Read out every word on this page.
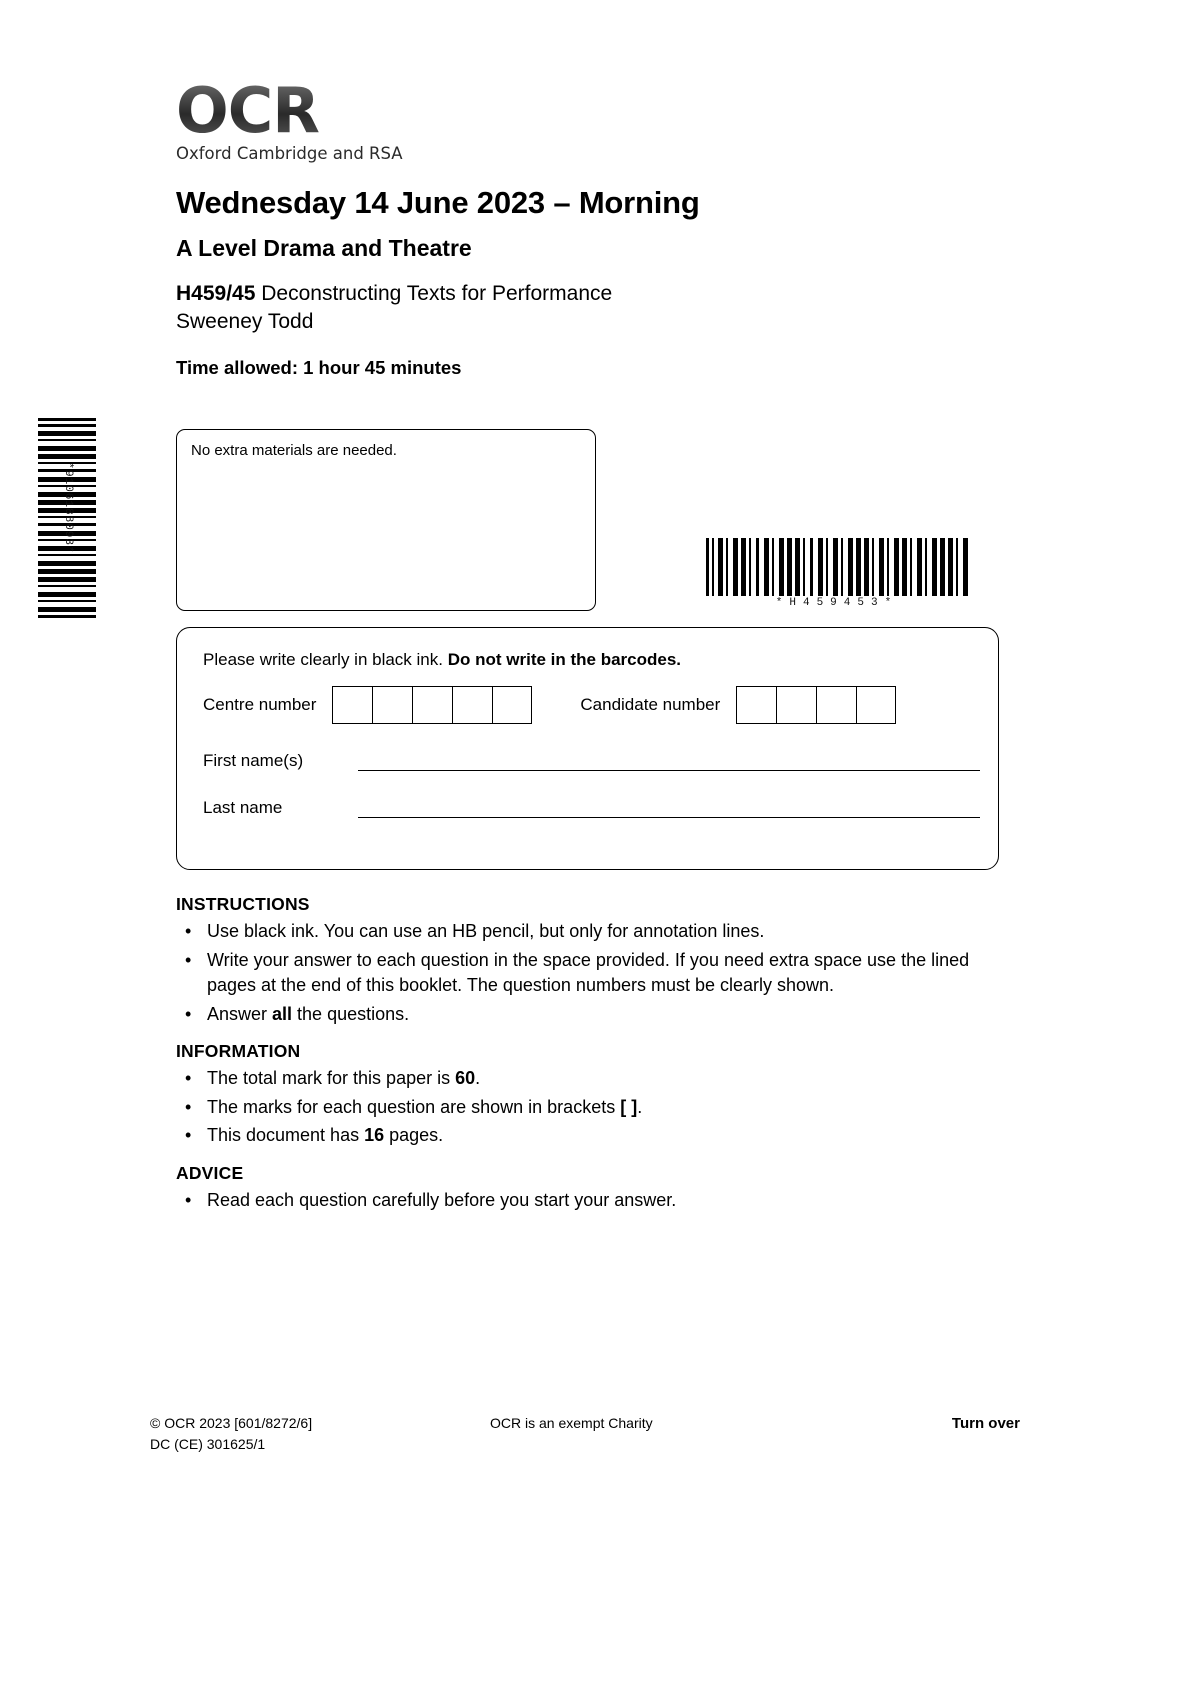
*9106188093*
OCR
Oxford Cambridge and RSA
Wednesday 14 June 2023 – Morning
A Level Drama and Theatre
H459/45 Deconstructing Texts for Performance
Sweeney Todd
Time allowed: 1 hour 45 minutes
No extra materials are needed.
*H459453*
Please write clearly in black ink. Do not write in the barcodes.
Centre number	Candidate number
First name(s)
Last name
INSTRUCTIONS
• Use black ink. You can use an HB pencil, but only for annotation lines.
• Write your answer to each question in the space provided. If you need extra space use the lined pages at the end of this booklet. The question numbers must be clearly shown.
• Answer all the questions.
INFORMATION
• The total mark for this paper is 60.
• The marks for each question are shown in brackets [ ].
• This document has 16 pages.
ADVICE
• Read each question carefully before you start your answer.
© OCR 2023 [601/8272/6]	OCR is an exempt Charity	Turn over
DC (CE) 301625/1
